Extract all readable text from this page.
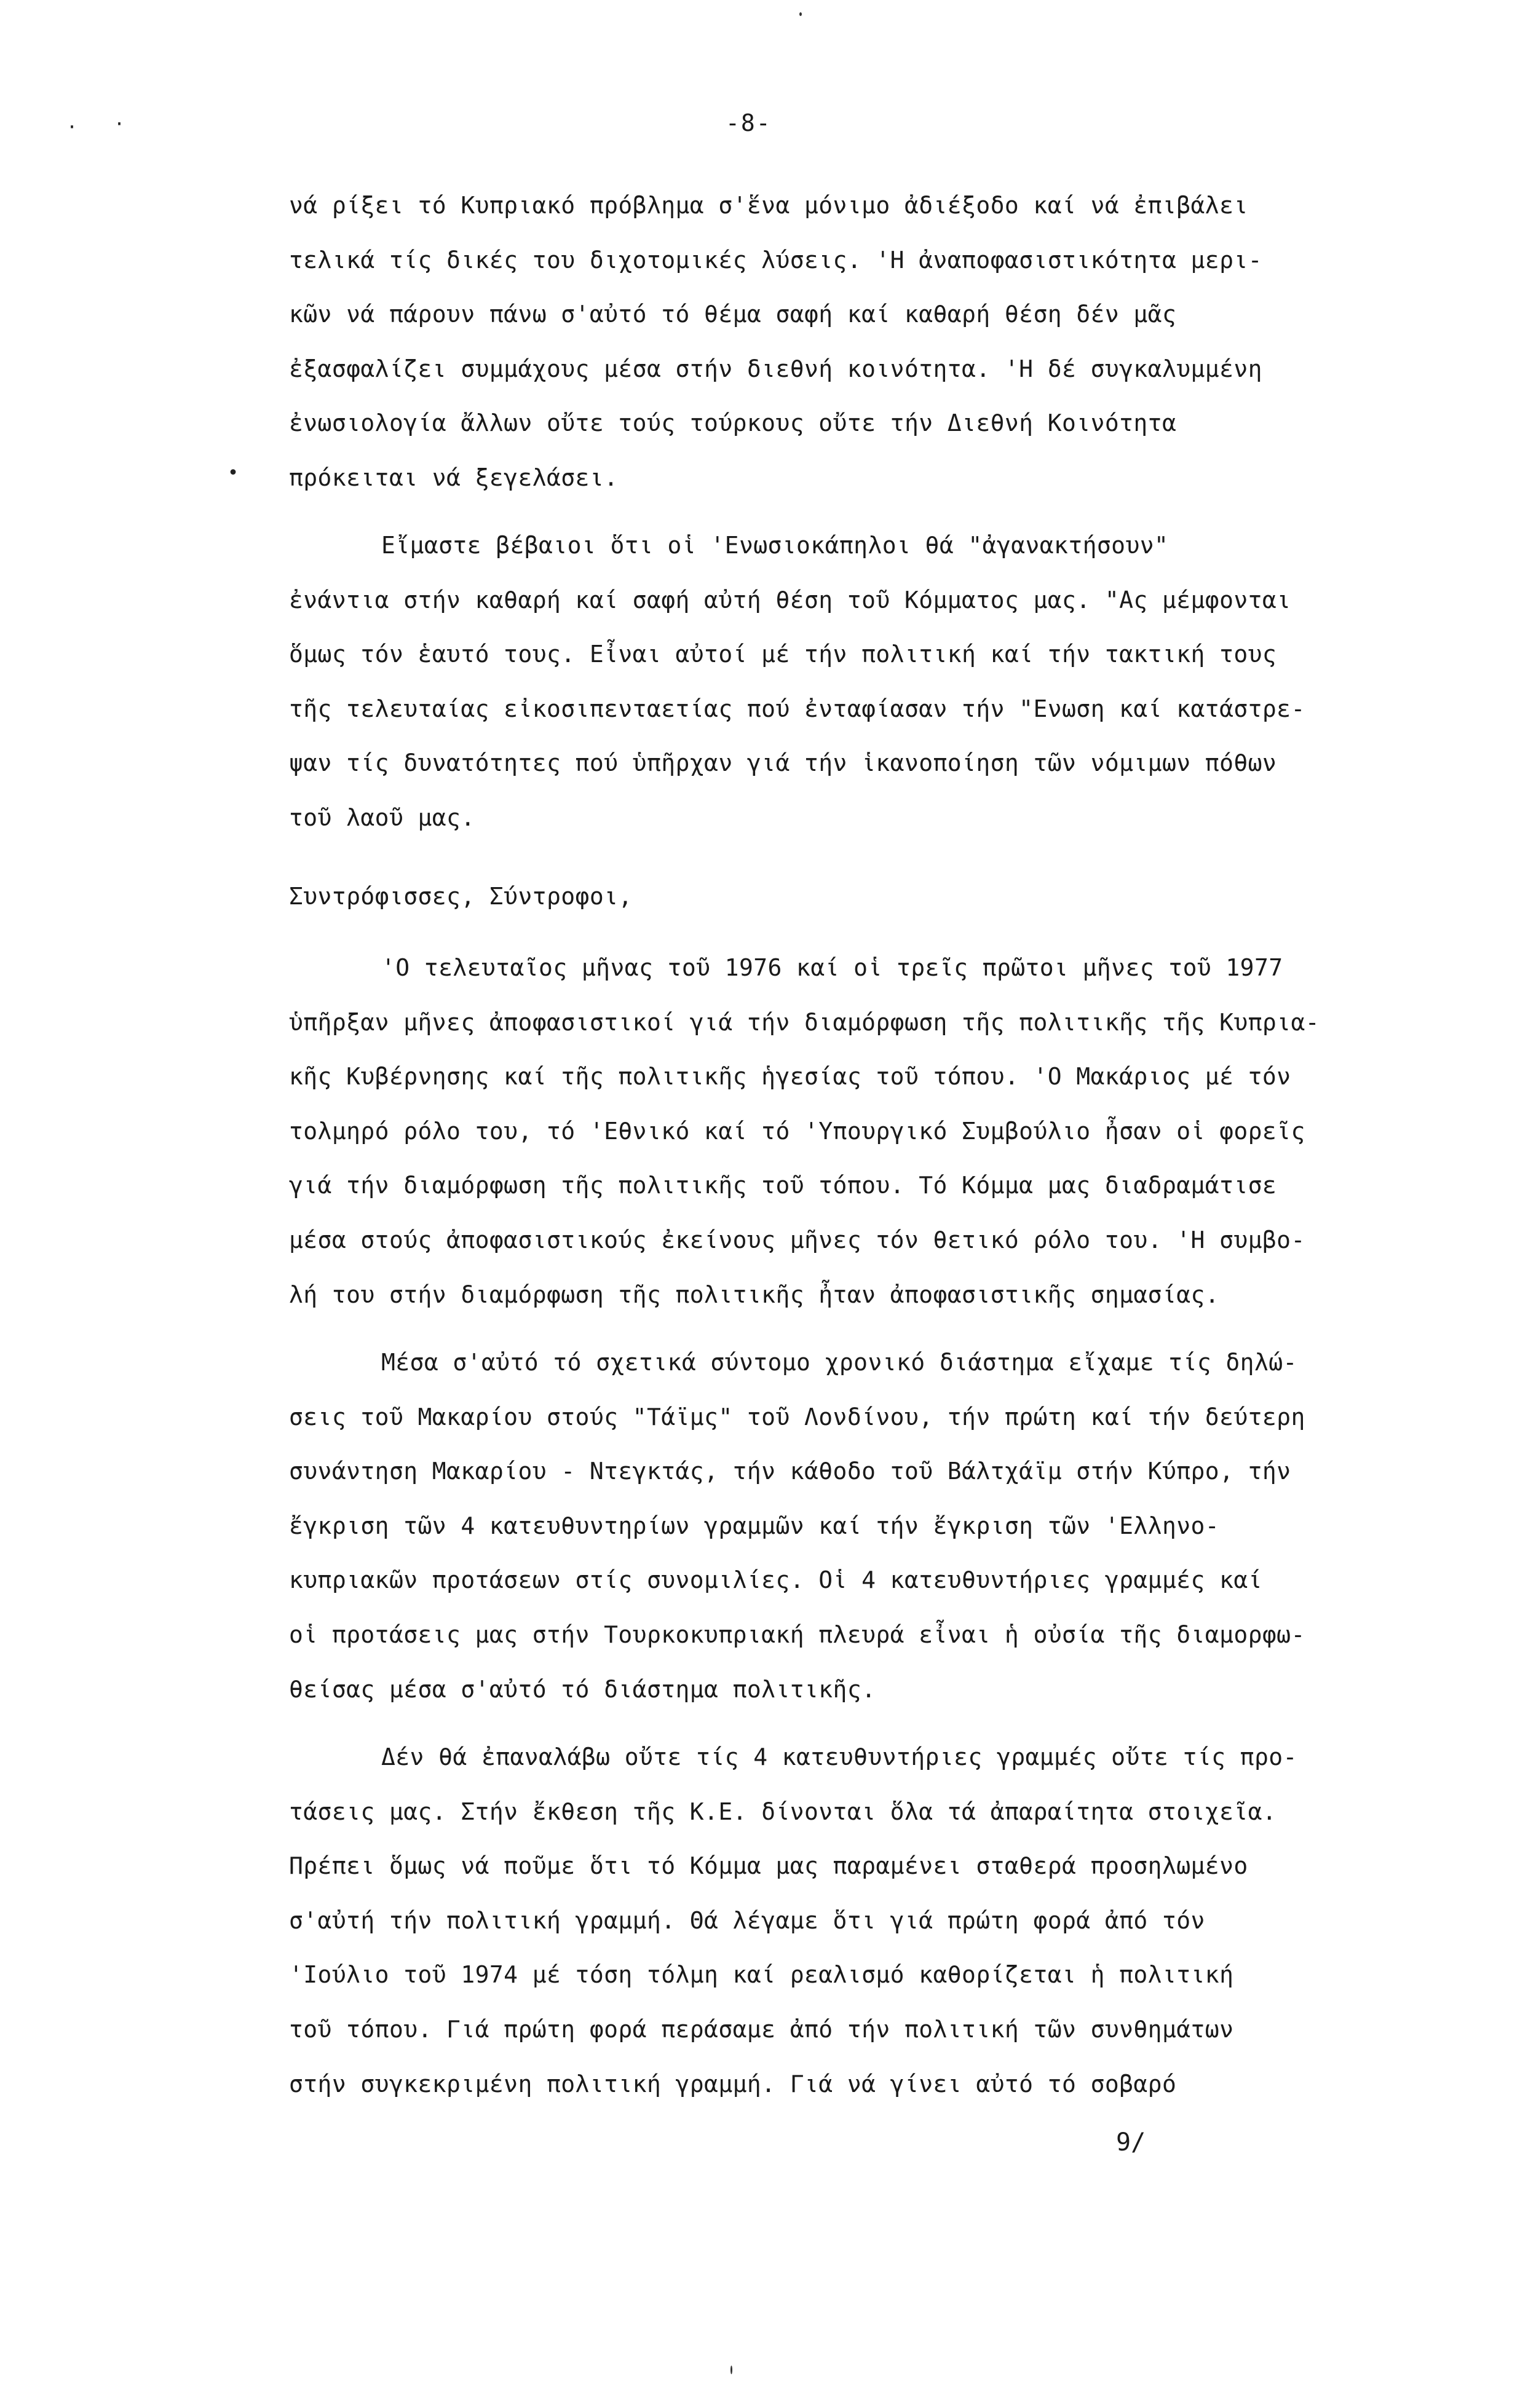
· ·
•
-8-
νά ρίξει τό Κυπριακό πρόβλημα σ'ἕνα μόνιμο ἀδιέξοδο καί νά ἐπιβάλει
τελικά τίς δικές του διχοτομικές λύσεις. 'Η ἀναποφασιστικότητα μερι-
κῶν νά πάρουν πάνω σ'αὐτό τό θέμα σαφή καί καθαρή θέση δέν μᾶς
ἐξασφαλίζει συμμάχους μέσα στήν διεθνή κοινότητα. 'Η δέ συγκαλυμμένη
ἐνωσιολογία ἄλλων οὔτε τούς τούρκους οὔτε τήν Διεθνή Κοινότητα
πρόκειται νά ξεγελάσει.
Εἴμαστε βέβαιοι ὅτι οἱ 'Ενωσιοκάπηλοι θά "ἀγανακτήσουν"
ἐνάντια στήν καθαρή καί σαφή αὐτή θέση τοῦ Κόμματος μας. "Ας μέμφονται
ὅμως τόν ἑαυτό τους. Εἶναι αὐτοί μέ τήν πολιτική καί τήν τακτική τους
τῆς τελευταίας εἰκοσιπενταετίας πού ἐνταφίασαν τήν "Ενωση καί κατάστρε-
ψαν τίς δυνατότητες πού ὑπῆρχαν γιά τήν ἱκανοποίηση τῶν νόμιμων πόθων
τοῦ λαοῦ μας.
Συντρόφισσες, Σύντροφοι,
'Ο τελευταῖος μῆνας τοῦ 1976 καί οἱ τρεῖς πρῶτοι μῆνες τοῦ 1977
ὑπῆρξαν μῆνες ἀποφασιστικοί γιά τήν διαμόρφωση τῆς πολιτικῆς τῆς Κυπρια-
κῆς Κυβέρνησης καί τῆς πολιτικῆς ἡγεσίας τοῦ τόπου. 'Ο Μακάριος μέ τόν
τολμηρό ρόλο του, τό 'Εθνικό καί τό 'Υπουργικό Συμβούλιο ἦσαν οἱ φορεῖς
γιά τήν διαμόρφωση τῆς πολιτικῆς τοῦ τόπου. Τό Κόμμα μας διαδραμάτισε
μέσα στούς ἀποφασιστικούς ἐκείνους μῆνες τόν θετικό ρόλο του. 'Η συμβο-
λή του στήν διαμόρφωση τῆς πολιτικῆς ἦταν ἀποφασιστικῆς σημασίας.
Μέσα σ'αὐτό τό σχετικά σύντομο χρονικό διάστημα εἴχαμε τίς δηλώ-
σεις τοῦ Μακαρίου στούς "Τάϊμς" τοῦ Λονδίνου, τήν πρώτη καί τήν δεύτερη
συνάντηση Μακαρίου - Ντεγκτάς, τήν κάθοδο τοῦ Βάλτχάϊμ στήν Κύπρο, τήν
ἔγκριση τῶν 4 κατευθυντηρίων γραμμῶν καί τήν ἔγκριση τῶν 'Ελληνο-
κυπριακῶν προτάσεων στίς συνομιλίες. Οἱ 4 κατευθυντήριες γραμμές καί
οἱ προτάσεις μας στήν Τουρκοκυπριακή πλευρά εἶναι ἡ οὐσία τῆς διαμορφω-
θείσας μέσα σ'αὐτό τό διάστημα πολιτικῆς.
Δέν θά ἐπαναλάβω οὔτε τίς 4 κατευθυντήριες γραμμές οὔτε τίς προ-
τάσεις μας. Στήν ἔκθεση τῆς Κ.Ε. δίνονται ὅλα τά ἀπαραίτητα στοιχεῖα.
Πρέπει ὅμως νά ποῦμε ὅτι τό Κόμμα μας παραμένει σταθερά προσηλωμένο
σ'αὐτή τήν πολιτική γραμμή. Θά λέγαμε ὅτι γιά πρώτη φορά ἀπό τόν
'Ιούλιο τοῦ 1974 μέ τόση τόλμη καί ρεαλισμό καθορίζεται ἡ πολιτική
τοῦ τόπου. Γιά πρώτη φορά περάσαμε ἀπό τήν πολιτική τῶν συνθημάτων
στήν συγκεκριμένη πολιτική γραμμή. Γιά νά γίνει αὐτό τό σοβαρό
9/
